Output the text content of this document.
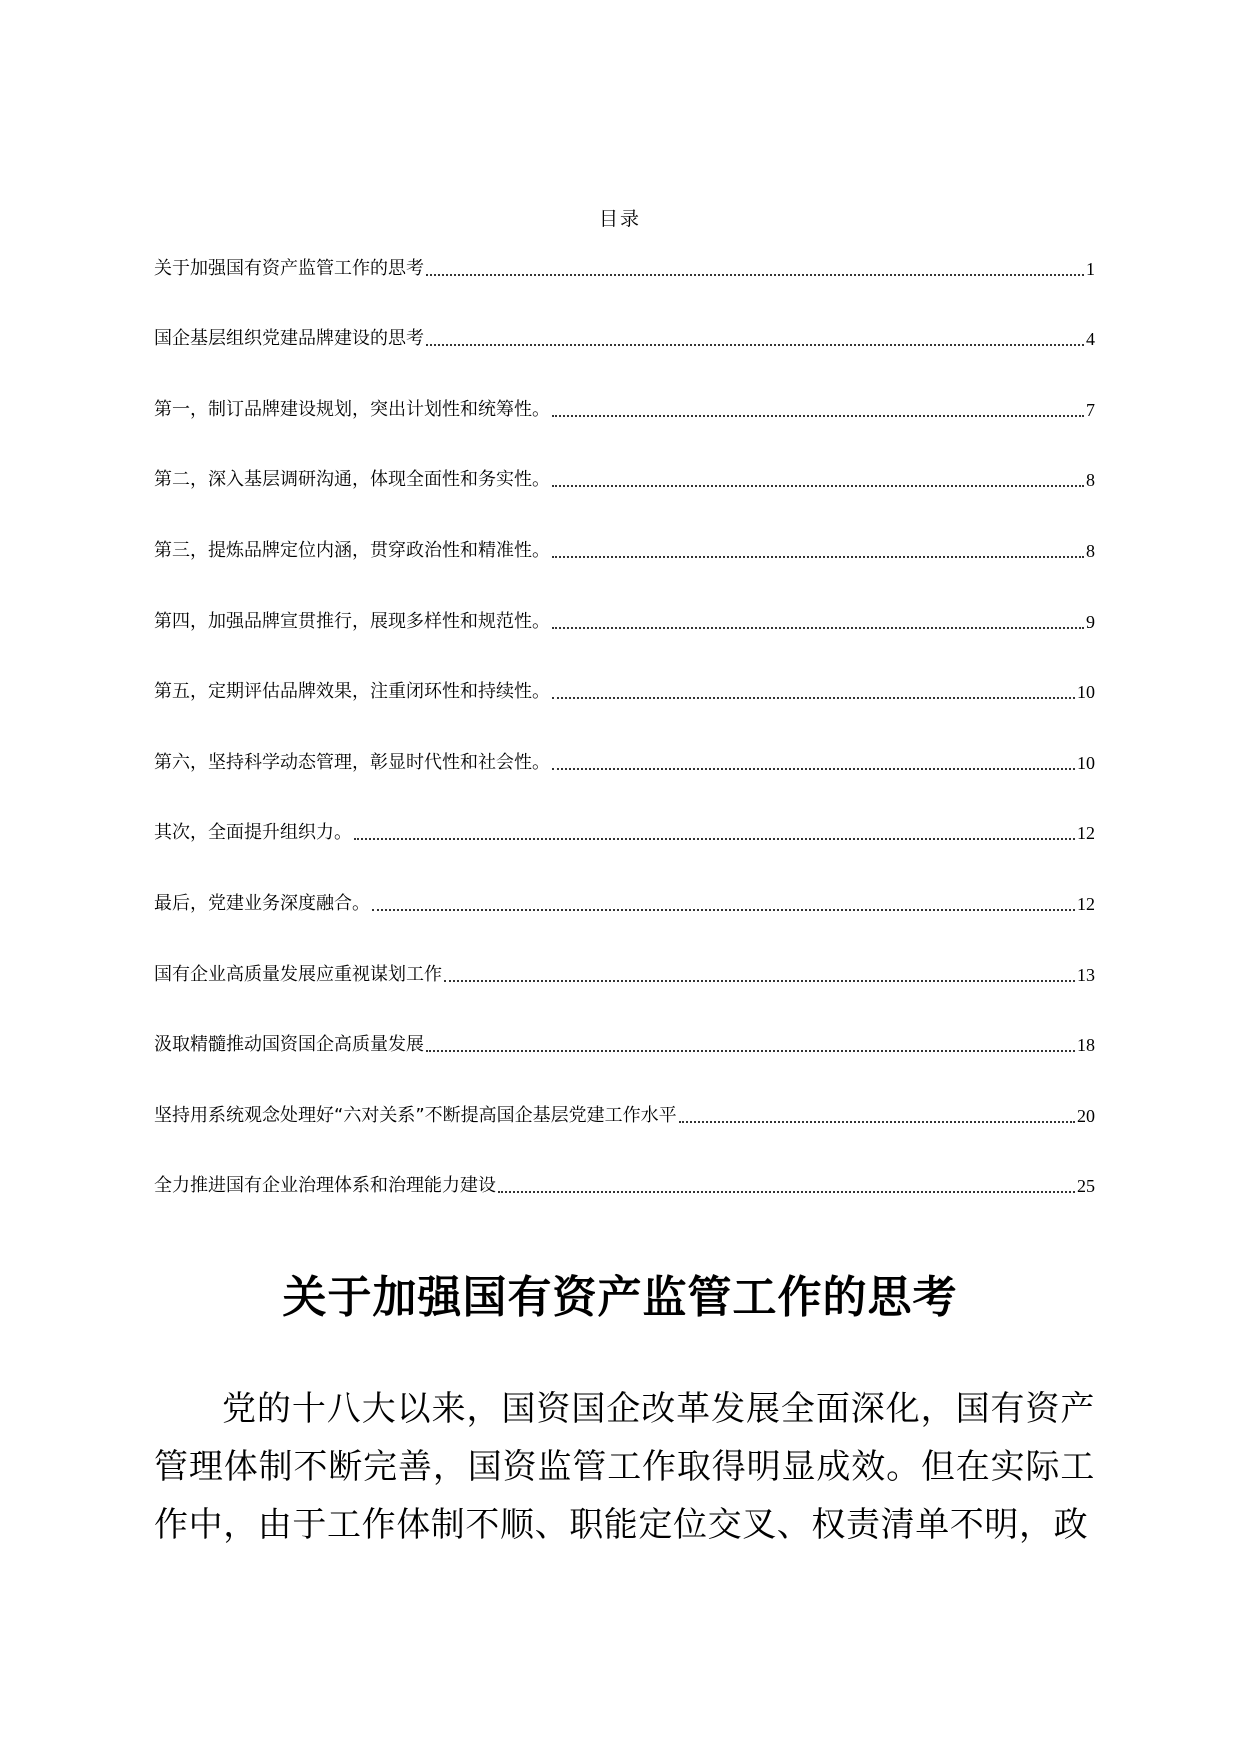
目录
关于加强国有资产监管工作的思考	1
国企基层组织党建品牌建设的思考	4
第一，制订品牌建设规划，突出计划性和统筹性。	7
第二，深入基层调研沟通，体现全面性和务实性。	8
第三，提炼品牌定位内涵，贯穿政治性和精准性。	8
第四，加强品牌宣贯推行，展现多样性和规范性。	9
第五，定期评估品牌效果，注重闭环性和持续性。	10
第六，坚持科学动态管理，彰显时代性和社会性。	10
其次，全面提升组织力。	12
最后，党建业务深度融合。	12
国有企业高质量发展应重视谋划工作	13
汲取精髓推动国资国企高质量发展	18
坚持用系统观念处理好“六对关系”不断提高国企基层党建工作水平	20
全力推进国有企业治理体系和治理能力建设	25
关于加强国有资产监管工作的思考

党的十八大以来，国资国企改革发展全面深化，国有资产管理体制不断完善，国资监管工作取得明显成效。但在实际工作中，由于工作体制不顺、职能定位交叉、权责清单不明，政
